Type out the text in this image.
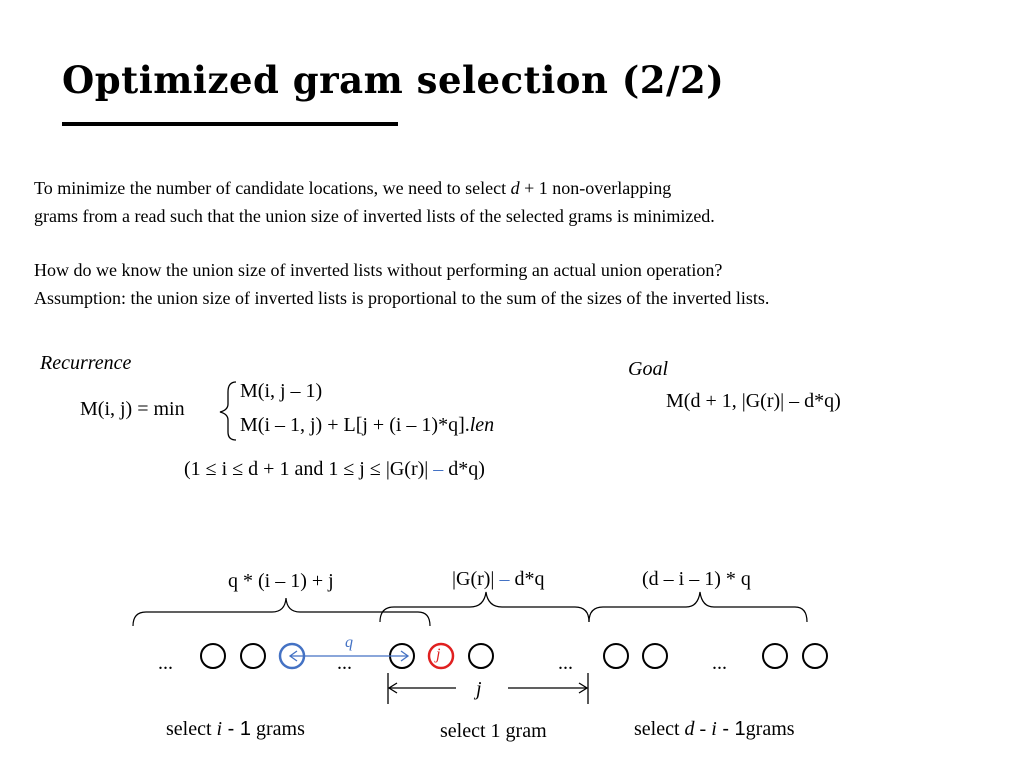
Optimized gram selection (2/2)
To minimize the number of candidate locations, we need to select d + 1 non-overlapping
grams from a read such that the union size of inverted lists of the selected grams is minimized.
How do we know the union size of inverted lists without performing an actual union operation?
Assumption: the union size of inverted lists is proportional to the sum of the sizes of the inverted lists.
Recurrence
M(i, j) = min
M(i, j – 1)
M(i – 1, j) + L[j + (i – 1)*q].len
(1 ≤ i ≤ d + 1 and 1 ≤ j ≤ |G(r)| – d*q)
Goal
M(d + 1, |G(r)| – d*q)
q * (i – 1) + j	|G(r)| – d*q	(d – i – 1) * q
...	...	...	...
q
j
j
select i - 1 grams	select 1 gram	select d - i - 1grams
